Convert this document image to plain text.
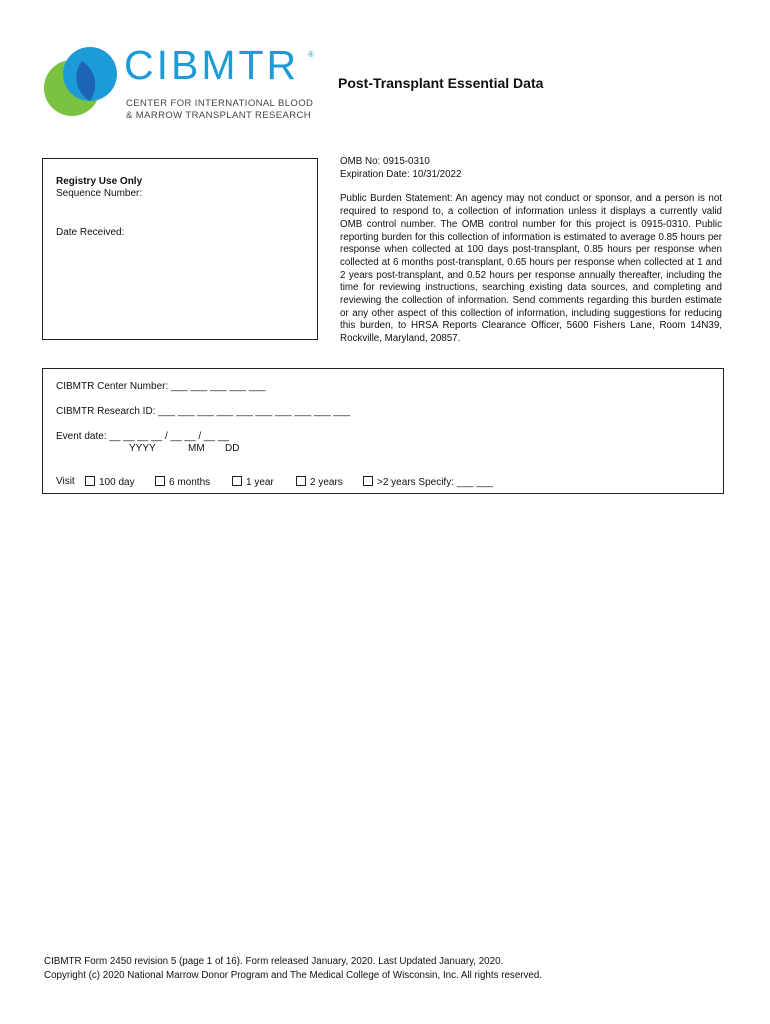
CIBMTR ®
CENTER FOR INTERNATIONAL BLOOD
& MARROW TRANSPLANT RESEARCH
Post-Transplant Essential Data
Registry Use Only
Sequence Number:
Date Received:
OMB No: 0915-0310
Expiration Date: 10/31/2022
Public Burden Statement: An agency may not conduct or sponsor, and a person is not required to respond to, a collection of information unless it displays a currently valid OMB control number. The OMB control number for this project is 0915-0310. Public reporting burden for this collection of information is estimated to average 0.85 hours per response when collected at 100 days post-transplant, 0.85 hours per response when collected at 6 months post-transplant, 0.65 hours per response when collected at 1 and 2 years post-transplant, and 0.52 hours per response annually thereafter, including the time for reviewing instructions, searching existing data sources, and completing and reviewing the collection of information. Send comments regarding this burden estimate or any other aspect of this collection of information, including suggestions for reducing this burden, to HRSA Reports Clearance Officer, 5600 Fishers Lane, Room 14N39, Rockville, Maryland, 20857.
CIBMTR Center Number: ___ ___ ___ ___ ___
CIBMTR Research ID: ___ ___ ___ ___ ___ ___ ___ ___ ___ ___
Event date: __ __ __ __ / __ __ / __ __
YYYY	MM DD
Visit	100 day	6 months	1 year	2 years	>2 years Specify: ___ ___
CIBMTR Form 2450 revision 5 (page 1 of 16). Form released January, 2020. Last Updated January, 2020.
Copyright (c) 2020 National Marrow Donor Program and The Medical College of Wisconsin, Inc. All rights reserved.
